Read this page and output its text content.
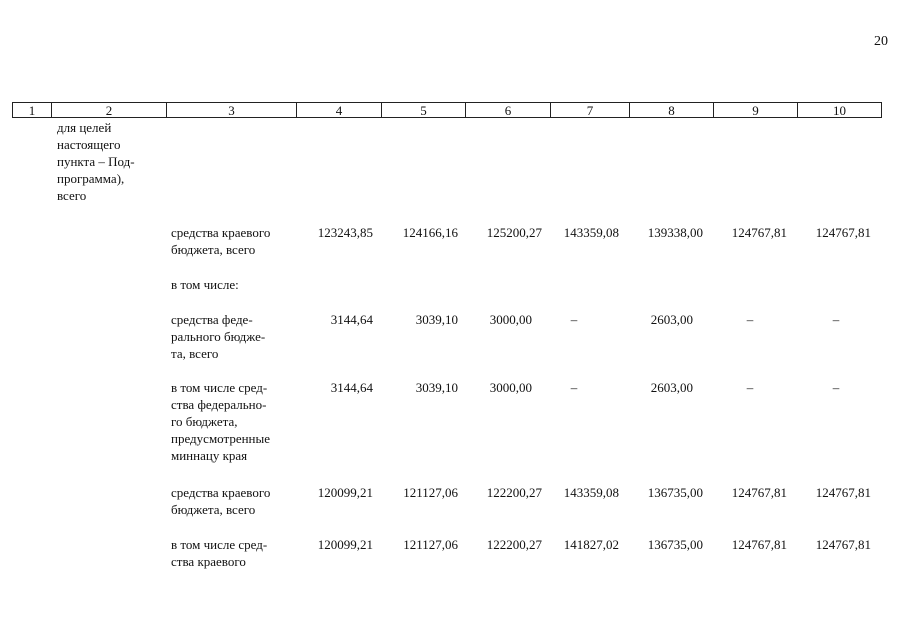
20
1	2	3	4	5	6	7	8	9	10
для целей
настоящего
пункта – Под-
программа),
всего
средства краевого
бюджета, всего
123243,85	124166,16	125200,27	143359,08	139338,00	124767,81	124767,81
в том числе:
средства феде-
рального бюдже-
та, всего
3144,64	3039,10	3000,00	–	2603,00	–	–
в том числе сред-
ства федерально-
го бюджета,
предусмотренные
миннацу края
3144,64	3039,10	3000,00	–	2603,00	–	–
средства краевого
бюджета, всего
120099,21	121127,06	122200,27	143359,08	136735,00	124767,81	124767,81
в том числе сред-
ства краевого
120099,21	121127,06	122200,27	141827,02	136735,00	124767,81	124767,81
